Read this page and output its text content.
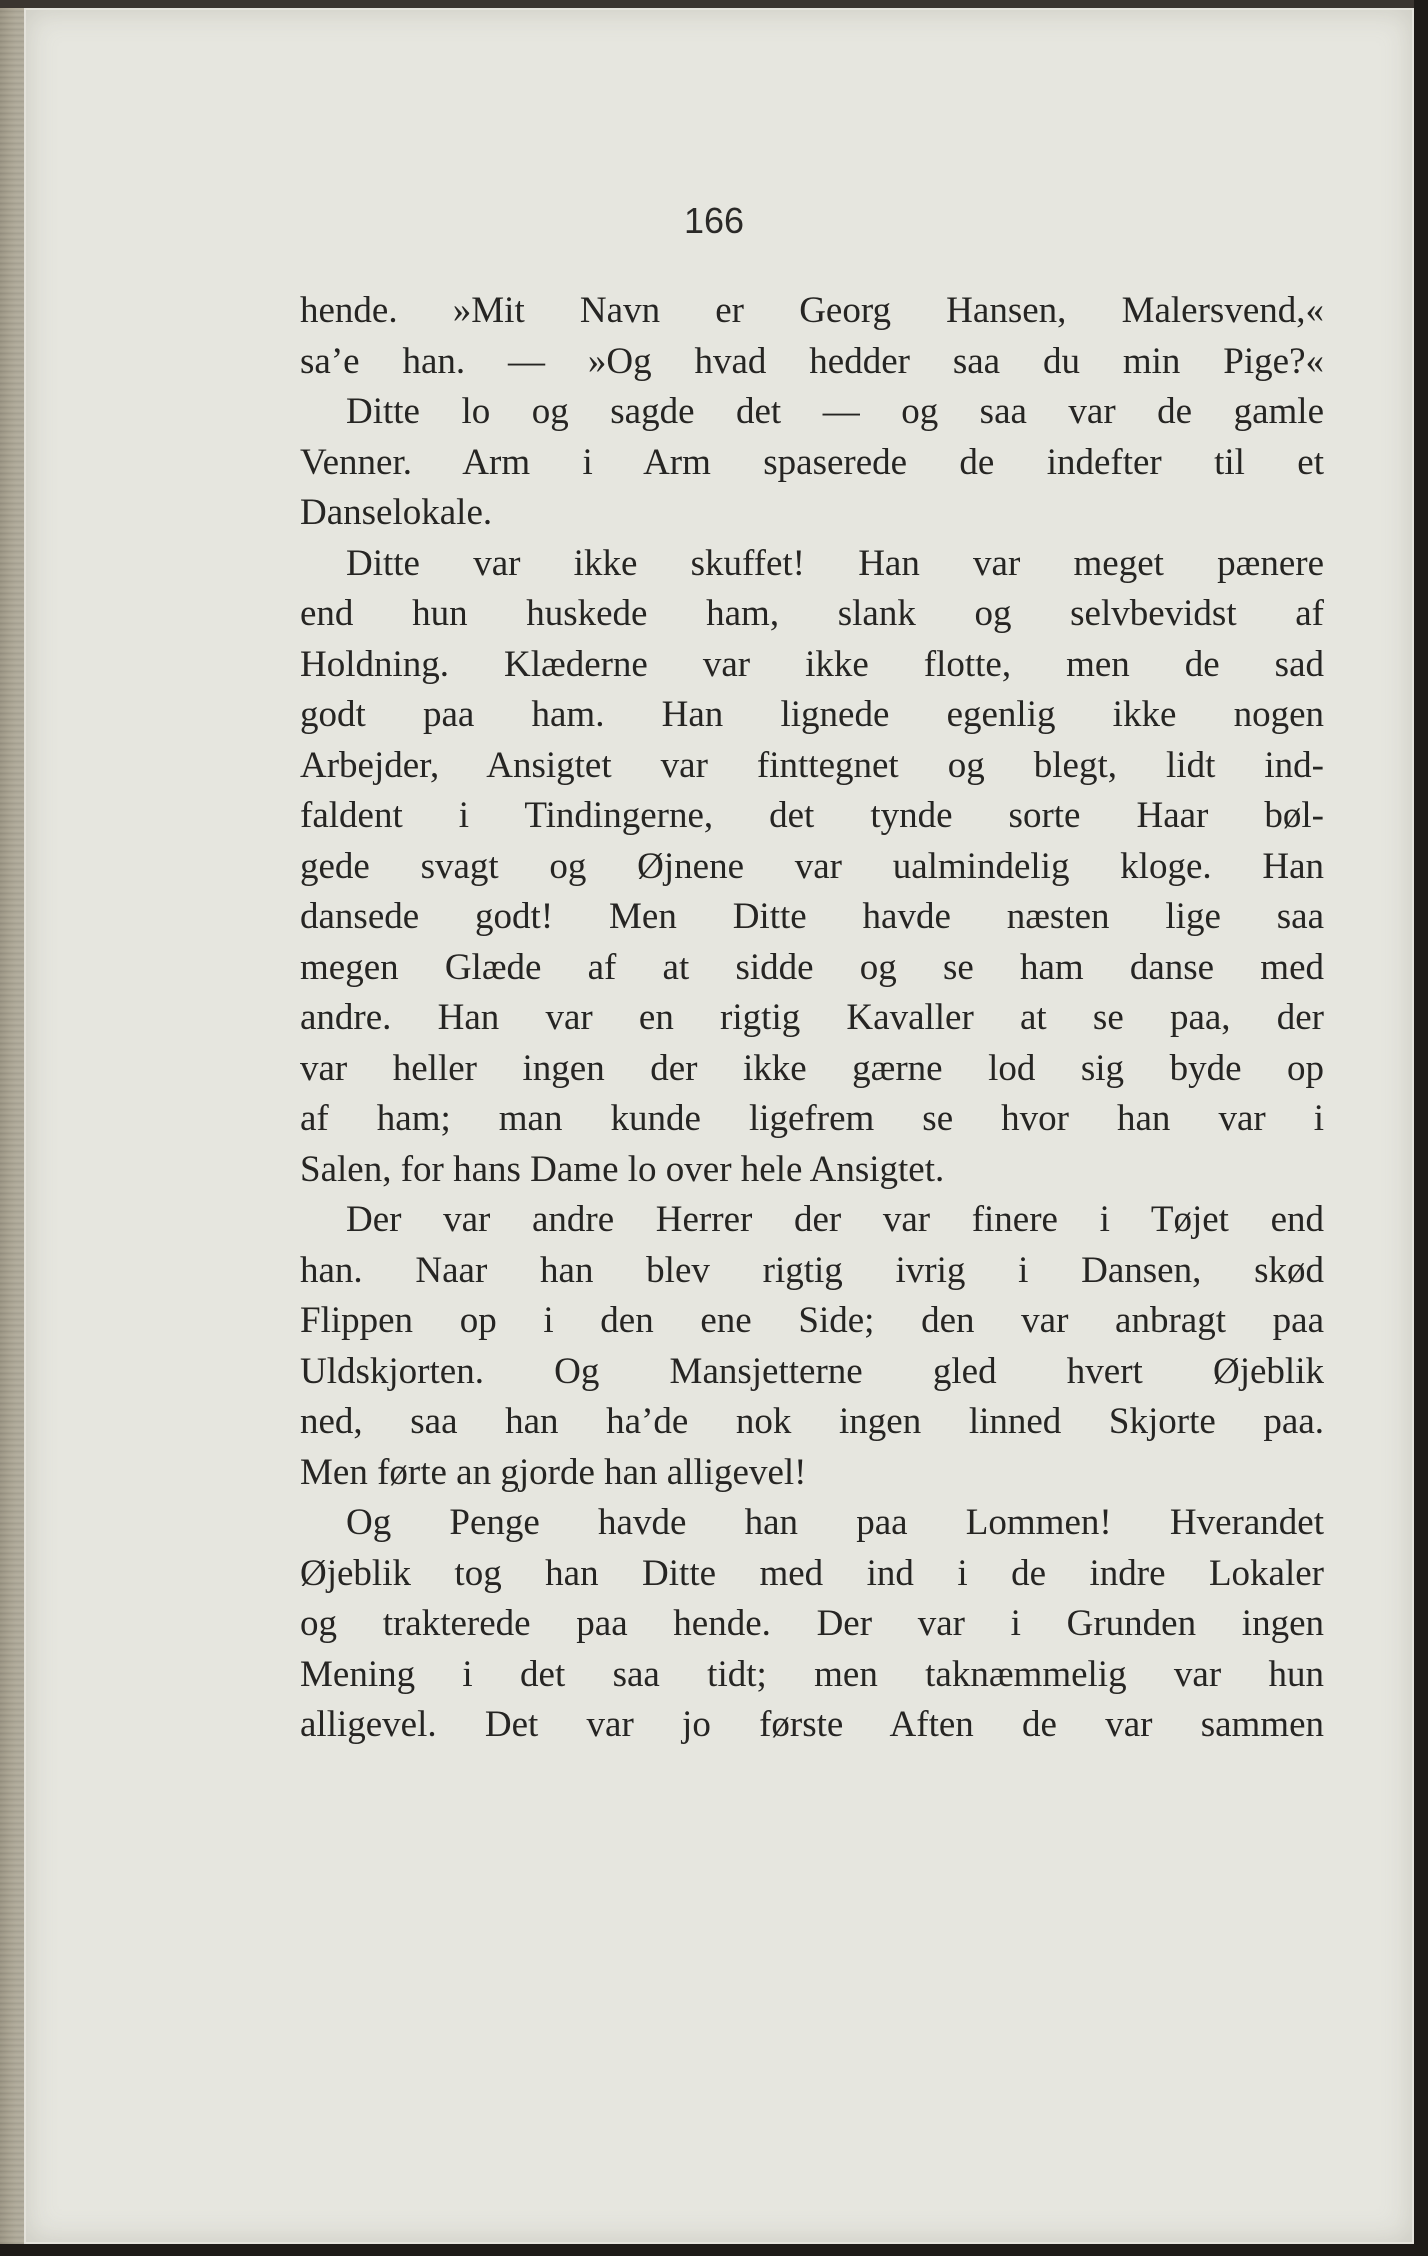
166
hende. »Mit Navn er Georg Hansen, Malersvend,«
sa’e han. — »Og hvad hedder saa du min Pige?«
Ditte lo og sagde det — og saa var de gamle
Venner. Arm i Arm spaserede de indefter til et
Danselokale.
Ditte var ikke skuffet! Han var meget pænere
end hun huskede ham, slank og selvbevidst af
Holdning. Klæderne var ikke flotte, men de sad
godt paa ham. Han lignede egenlig ikke nogen
Arbejder, Ansigtet var finttegnet og blegt, lidt ind-
faldent i Tindingerne, det tynde sorte Haar bøl-
gede svagt og Øjnene var ualmindelig kloge. Han
dansede godt! Men Ditte havde næsten lige saa
megen Glæde af at sidde og se ham danse med
andre. Han var en rigtig Kavaller at se paa, der
var heller ingen der ikke gærne lod sig byde op
af ham; man kunde ligefrem se hvor han var i
Salen, for hans Dame lo over hele Ansigtet.
Der var andre Herrer der var finere i Tøjet end
han. Naar han blev rigtig ivrig i Dansen, skød
Flippen op i den ene Side; den var anbragt paa
Uldskjorten. Og Mansjetterne gled hvert Øjeblik
ned, saa han ha’de nok ingen linned Skjorte paa.
Men førte an gjorde han alligevel!
Og Penge havde han paa Lommen! Hverandet
Øjeblik tog han Ditte med ind i de indre Lokaler
og trakterede paa hende. Der var i Grunden ingen
Mening i det saa tidt; men taknæmmelig var hun
alligevel. Det var jo første Aften de var sammen
